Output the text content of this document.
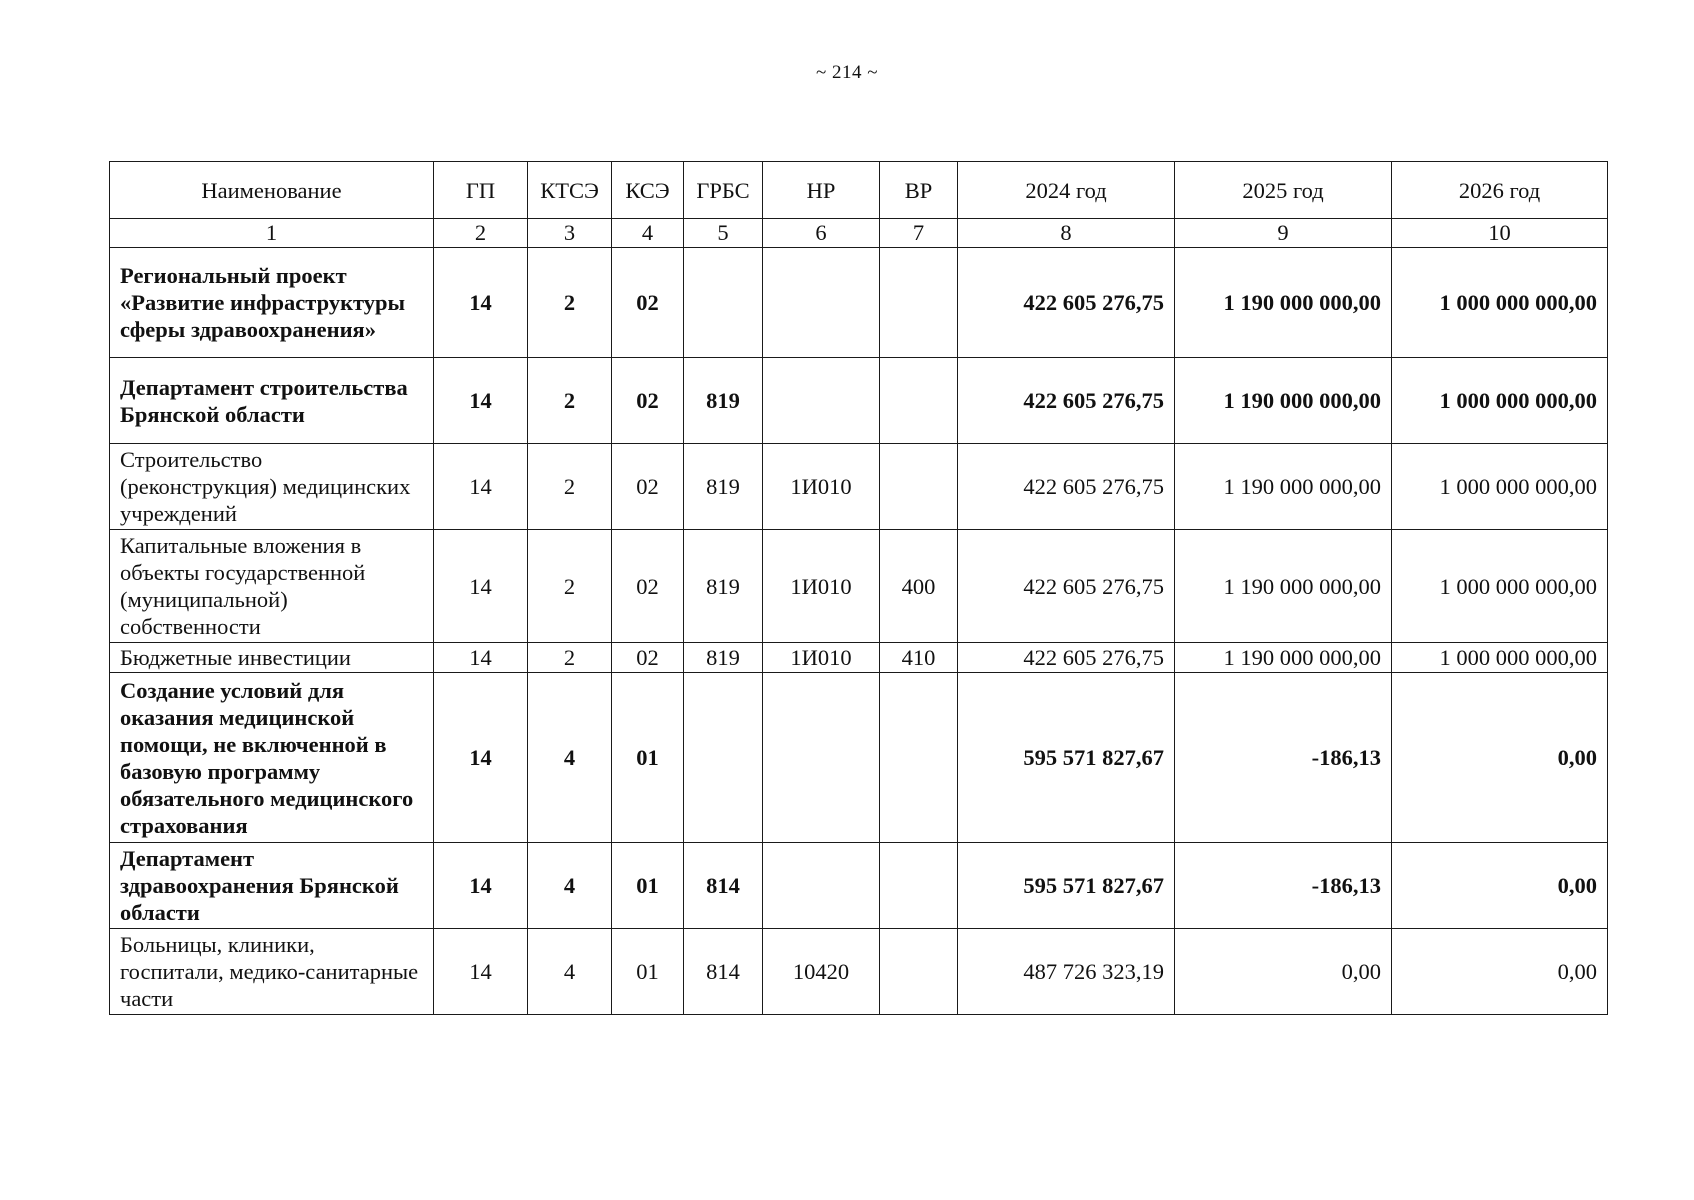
~ 214 ~
Наименование	ГП	КТСЭ	КСЭ	ГРБС	НР	ВР	2024 год	2025 год	2026 год
1	2	3	4	5	6	7	8	9	10
Региональный проект «Развитие инфраструктуры сферы здравоохранения»	14	2	02				422 605 276,75	1 190 000 000,00	1 000 000 000,00
Департамент строительства Брянской области	14	2	02	819			422 605 276,75	1 190 000 000,00	1 000 000 000,00
Строительство (реконструкция) медицинских учреждений	14	2	02	819	1И010		422 605 276,75	1 190 000 000,00	1 000 000 000,00
Капитальные вложения в объекты государственной (муниципальной) собственности	14	2	02	819	1И010	400	422 605 276,75	1 190 000 000,00	1 000 000 000,00
Бюджетные инвестиции	14	2	02	819	1И010	410	422 605 276,75	1 190 000 000,00	1 000 000 000,00
Создание условий для оказания медицинской помощи, не включенной в базовую программу обязательного медицинского страхования	14	4	01				595 571 827,67	-186,13	0,00
Департамент здравоохранения Брянской области	14	4	01	814			595 571 827,67	-186,13	0,00
Больницы, клиники, госпитали, медико-санитарные части	14	4	01	814	10420		487 726 323,19	0,00	0,00
